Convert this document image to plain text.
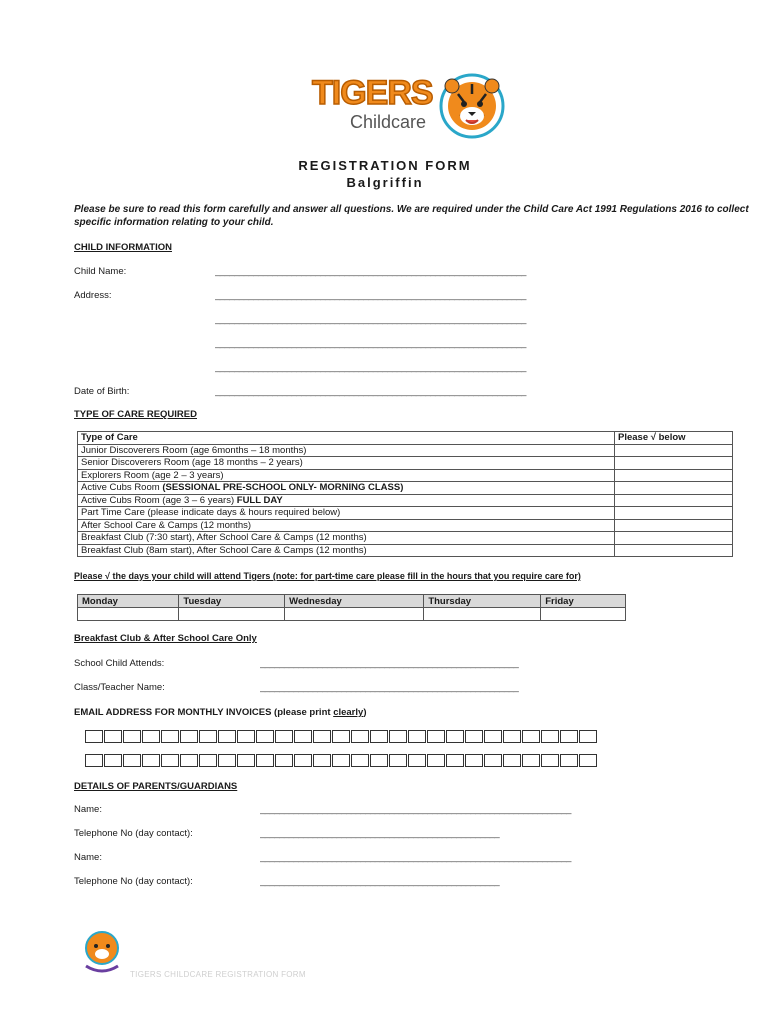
TIGERS
Childcare
REGISTRATION FORM
Balgriffin
Please be sure to read this form carefully and answer all questions. We are required under the Child Care Act 1991 Regulations 2016 to collect specific information relating to your child.
CHILD INFORMATION
Child Name:	_________________________________________________________________
Address:	_________________________________________________________________
_________________________________________________________________
_________________________________________________________________
_________________________________________________________________
Date of Birth:	_________________________________________________________________
TYPE OF CARE REQUIRED
Type of Care	Please √ below
Junior Discoverers Room (age 6months – 18 months)	
Senior Discoverers Room (age 18 months – 2 years)	
Explorers Room (age 2 – 3 years)	
Active Cubs Room (SESSIONAL PRE-SCHOOL ONLY- MORNING CLASS)	
Active Cubs Room (age 3 – 6 years) FULL DAY	
Part Time Care (please indicate days & hours required below)	
After School Care & Camps (12 months)	
Breakfast Club (7:30 start), After School Care & Camps (12 months)	
Breakfast Club (8am start), After School Care & Camps (12 months)	
Please √ the days your child will attend Tigers (note: for part-time care please fill in the hours that you require care for)
Monday	Tuesday	Wednesday	Thursday	Friday

Breakfast Club & After School Care Only
School Child Attends:	______________________________________________________
Class/Teacher Name:	______________________________________________________
EMAIL ADDRESS FOR MONTHLY INVOICES (please print clearly)
DETAILS OF PARENTS/GUARDIANS
Name:	_________________________________________________________________
Telephone No (day contact):	__________________________________________________
Name:	_________________________________________________________________
Telephone No (day contact):	__________________________________________________
TIGERS CHILDCARE REGISTRATION FORM
